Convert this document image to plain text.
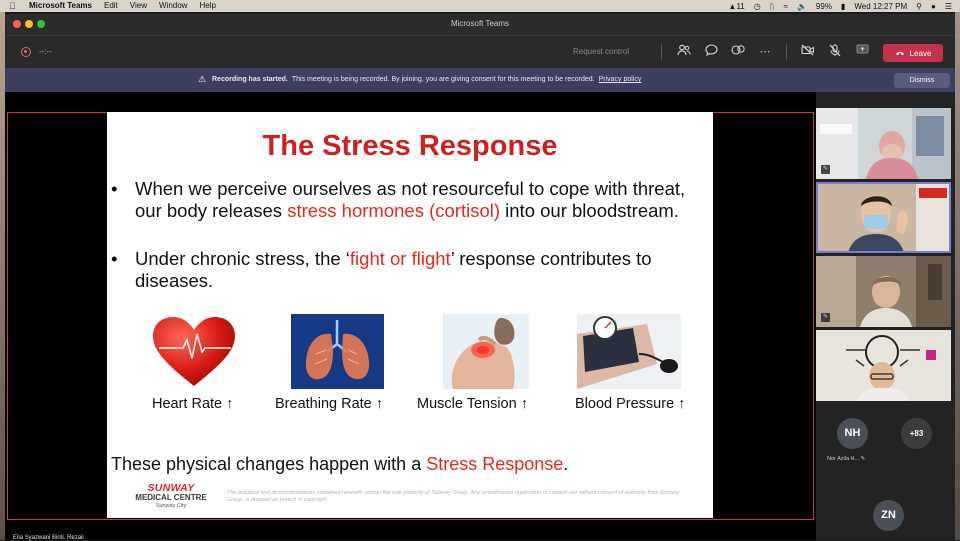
Microsoft Teams Edit View Window Help	▲11 ◷ ᚢ ≈ 🔈 99% ▮ Wed 12:27 PM ⚲ ● ☰
Microsoft Teams
--:--	Request control	⋯	Leave
⚠ Recording has started. This meeting is being recorded. By joining, you are giving consent for this meeting to be recorded. Privacy policy	Dismiss
The Stress Response
• When we perceive ourselves as not resourceful to cope with threat, our body releases stress hormones (cortisol) into our bloodstream.
• Under chronic stress, the ‘fight or flight’ response contributes to diseases.
Heart Rate ↑	Breathing Rate ↑ Muscle Tension ↑	Blood Pressure ↑
These physical changes happen with a Stress Response.
SUNWAY
MEDICAL CENTRE
Sunway City
The proposal and recommendations contained herewith remain the sole property of Sunway Group. Any unauthorized duplication or content use without consent of authority from Sunway Group, is deemed as breach of copyright
Elia Syazwani Binti. Rezali
✎
✎
NH
Nor Azila H... ✎
+83
ZN
